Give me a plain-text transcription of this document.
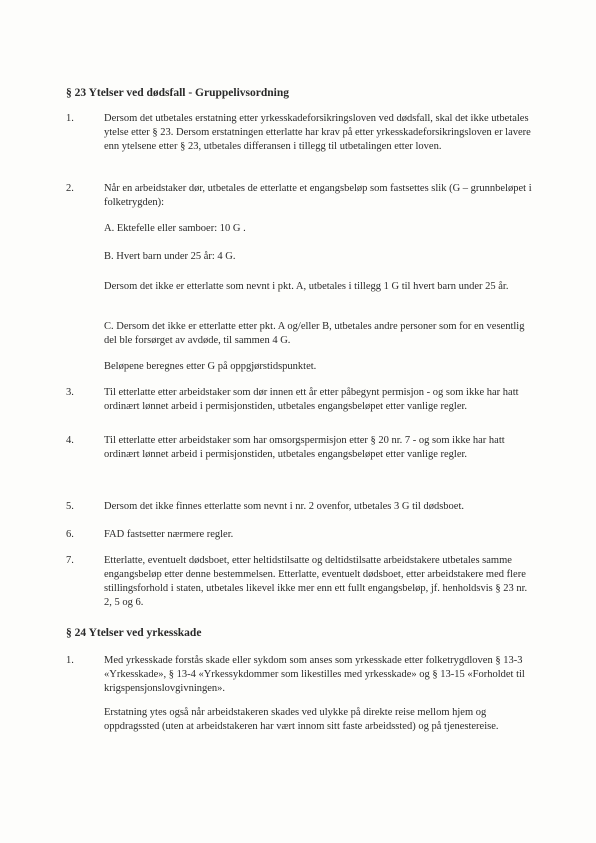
§ 23 Ytelser ved dødsfall - Gruppelivsordning
1.	Dersom det utbetales erstatning etter yrkesskadeforsikringsloven ved dødsfall, skal det ikke utbetales ytelse etter § 23. Dersom erstatningen etterlatte har krav på etter yrkesskadeforsikringsloven er lavere enn ytelsene etter § 23, utbetales differansen i tillegg til utbetalingen etter loven.
2.	Når en arbeidstaker dør, utbetales de etterlatte et engangsbeløp som fastsettes slik (G – grunnbeløpet i folketrygden):
A. Ektefelle eller samboer: 10 G .
B. Hvert barn under 25 år: 4 G.
Dersom det ikke er etterlatte som nevnt i pkt. A, utbetales i tillegg 1 G til hvert barn under 25 år.
C. Dersom det ikke er etterlatte etter pkt. A og/eller B, utbetales andre personer som for en vesentlig del ble forsørget av avdøde, til sammen 4 G.
Beløpene beregnes etter G på oppgjørstidspunktet.
3.	Til etterlatte etter arbeidstaker som dør innen ett år etter påbegynt permisjon - og som ikke har hatt ordinært lønnet arbeid i permisjonstiden, utbetales engangsbeløpet etter vanlige regler.
4.	Til etterlatte etter arbeidstaker som har omsorgspermisjon etter § 20 nr. 7 - og som ikke har hatt ordinært lønnet arbeid i permisjonstiden, utbetales engangsbeløpet etter vanlige regler.
5.	Dersom det ikke finnes etterlatte som nevnt i nr. 2 ovenfor, utbetales 3 G til dødsboet.
6.	FAD fastsetter nærmere regler.
7.	Etterlatte, eventuelt dødsboet, etter heltidstilsatte og deltidstilsatte arbeidstakere utbetales samme engangsbeløp etter denne bestemmelsen. Etterlatte, eventuelt dødsboet, etter arbeidstakere med flere stillingsforhold i staten, utbetales likevel ikke mer enn ett fullt engangsbeløp, jf. henholdsvis § 23 nr. 2, 5 og 6.
§ 24 Ytelser ved yrkesskade
1.	Med yrkesskade forstås skade eller sykdom som anses som yrkesskade etter folketrygdloven § 13-3 «Yrkesskade», § 13-4 «Yrkessykdommer som likestilles med yrkesskade» og § 13-15 «Forholdet til krigspensjonslovgivningen».
Erstatning ytes også når arbeidstakeren skades ved ulykke på direkte reise mellom hjem og oppdragssted (uten at arbeidstakeren har vært innom sitt faste arbeidssted) og på tjenestereise.
